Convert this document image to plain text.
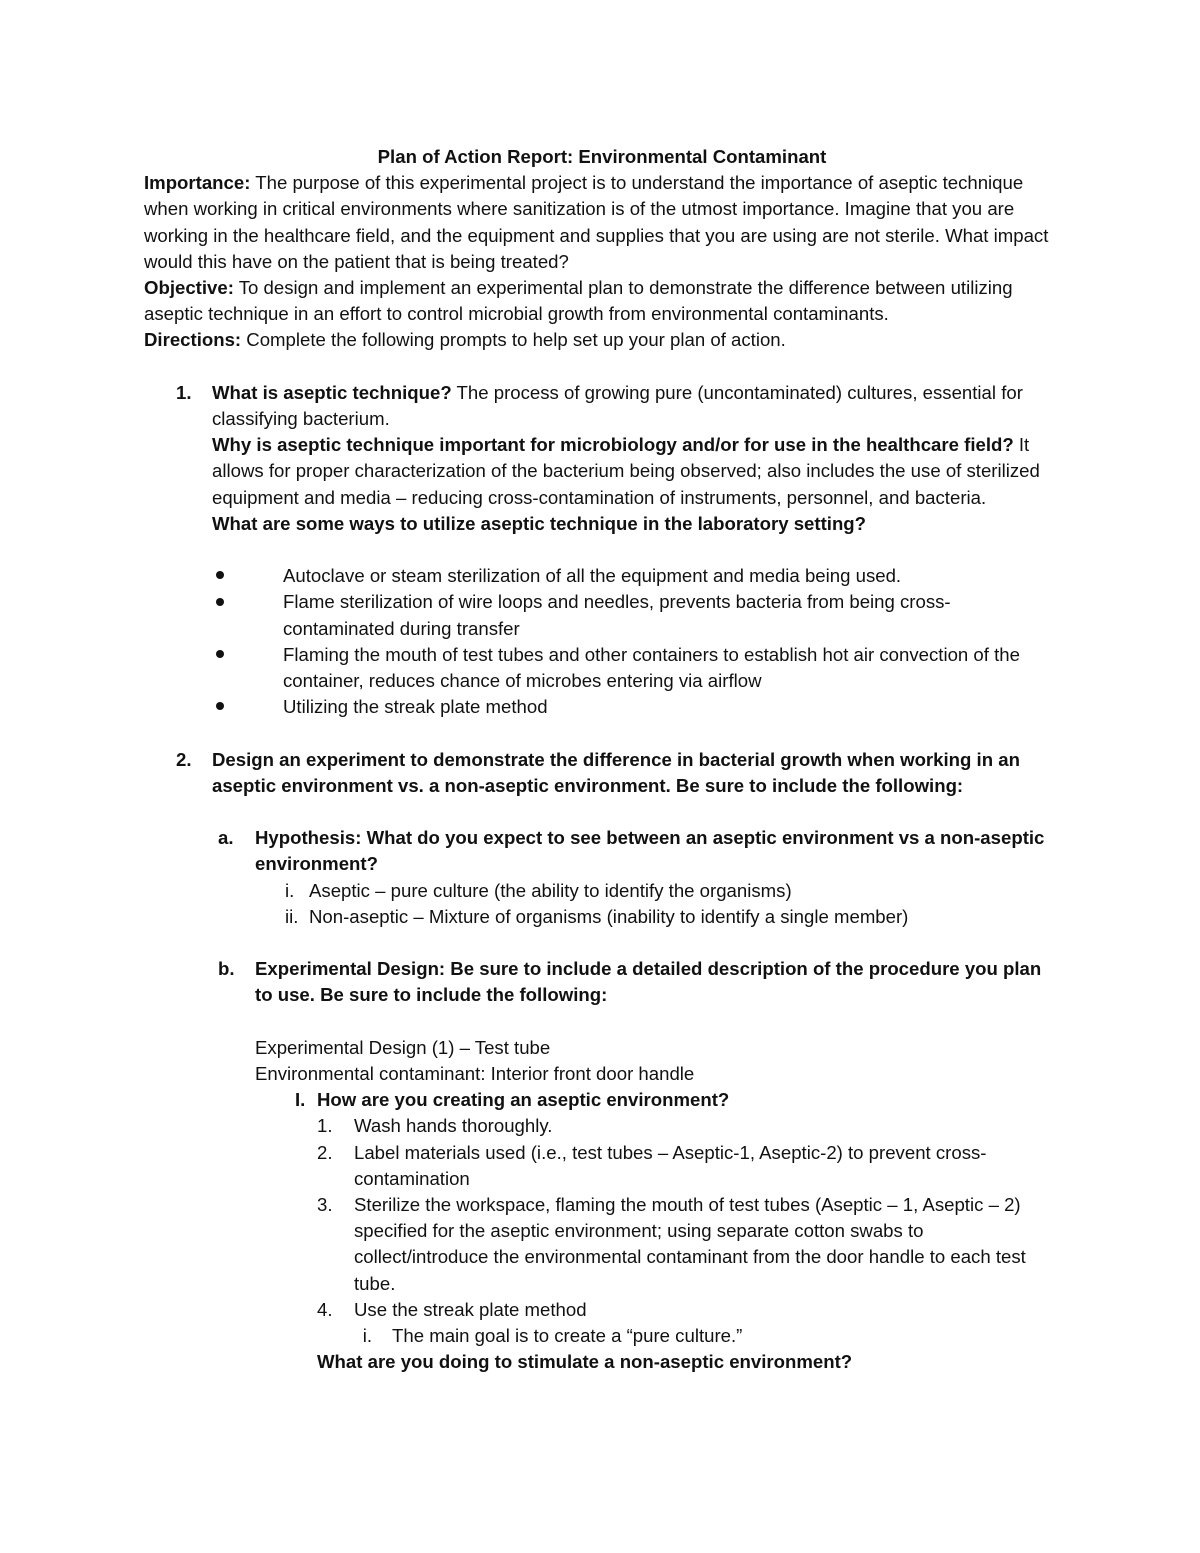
Plan of Action Report: Environmental Contaminant

Importance: The purpose of this experimental project is to understand the importance of aseptic technique when working in critical environments where sanitization is of the utmost importance. Imagine that you are working in the healthcare field, and the equipment and supplies that you are using are not sterile. What impact would this have on the patient that is being treated?

Objective: To design and implement an experimental plan to demonstrate the difference between utilizing aseptic technique in an effort to control microbial growth from environmental contaminants.

Directions: Complete the following prompts to help set up your plan of action.

1.	What is aseptic technique? The process of growing pure (uncontaminated) cultures, essential for classifying bacterium.

Why is aseptic technique important for microbiology and/or for use in the healthcare field? It allows for proper characterization of the bacterium being observed; also includes the use of sterilized equipment and media – reducing cross-contamination of instruments, personnel, and bacteria.

What are some ways to utilize aseptic technique in the laboratory setting?

Autoclave or steam sterilization of all the equipment and media being used.
Flame sterilization of wire loops and needles, prevents bacteria from being cross-contaminated during transfer
Flaming the mouth of test tubes and other containers to establish hot air convection of the container, reduces chance of microbes entering via airflow
Utilizing the streak plate method
2.	Design an experiment to demonstrate the difference in bacterial growth when working in an aseptic environment vs. a non-aseptic environment. Be sure to include the following:
a.	Hypothesis: What do you expect to see between an aseptic environment vs a non-aseptic environment?
i. Aseptic – pure culture (the ability to identify the organisms)
ii. Non-aseptic – Mixture of organisms (inability to identify a single member)
b.	Experimental Design: Be sure to include a detailed description of the procedure you plan to use. Be sure to include the following:

Experimental Design (1) – Test tube

Environmental contaminant: Interior front door handle

I. How are you creating an aseptic environment?
1.	Wash hands thoroughly.
2.	Label materials used (i.e., test tubes – Aseptic-1, Aseptic-2) to prevent cross-contamination
3.	Sterilize the workspace, flaming the mouth of test tubes (Aseptic – 1, Aseptic – 2) specified for the aseptic environment; using separate cotton swabs to collect/introduce the environmental contaminant from the door handle to each test tube.
4.	Use the streak plate method
i.	The main goal is to create a “pure culture.”

What are you doing to stimulate a non-aseptic environment?
